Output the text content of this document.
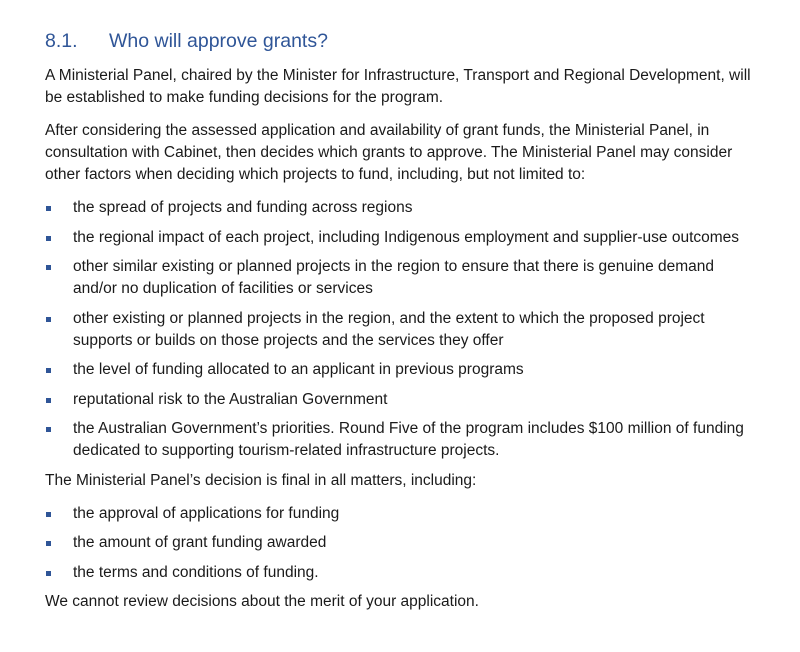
8.1.	Who will approve grants?

A Ministerial Panel, chaired by the Minister for Infrastructure, Transport and Regional Development, will be established to make funding decisions for the program.

After considering the assessed application and availability of grant funds, the Ministerial Panel, in consultation with Cabinet, then decides which grants to approve. The Ministerial Panel may consider other factors when deciding which projects to fund, including, but not limited to:

the spread of projects and funding across regions
the regional impact of each project, including Indigenous employment and supplier-use outcomes
other similar existing or planned projects in the region to ensure that there is genuine demand and/or no duplication of facilities or services
other existing or planned projects in the region, and the extent to which the proposed project supports or builds on those projects and the services they offer
the level of funding allocated to an applicant in previous programs
reputational risk to the Australian Government
the Australian Government’s priorities. Round Five of the program includes $100 million of funding dedicated to supporting tourism-related infrastructure projects.

The Ministerial Panel’s decision is final in all matters, including:

the approval of applications for funding
the amount of grant funding awarded
the terms and conditions of funding.

We cannot review decisions about the merit of your application.
